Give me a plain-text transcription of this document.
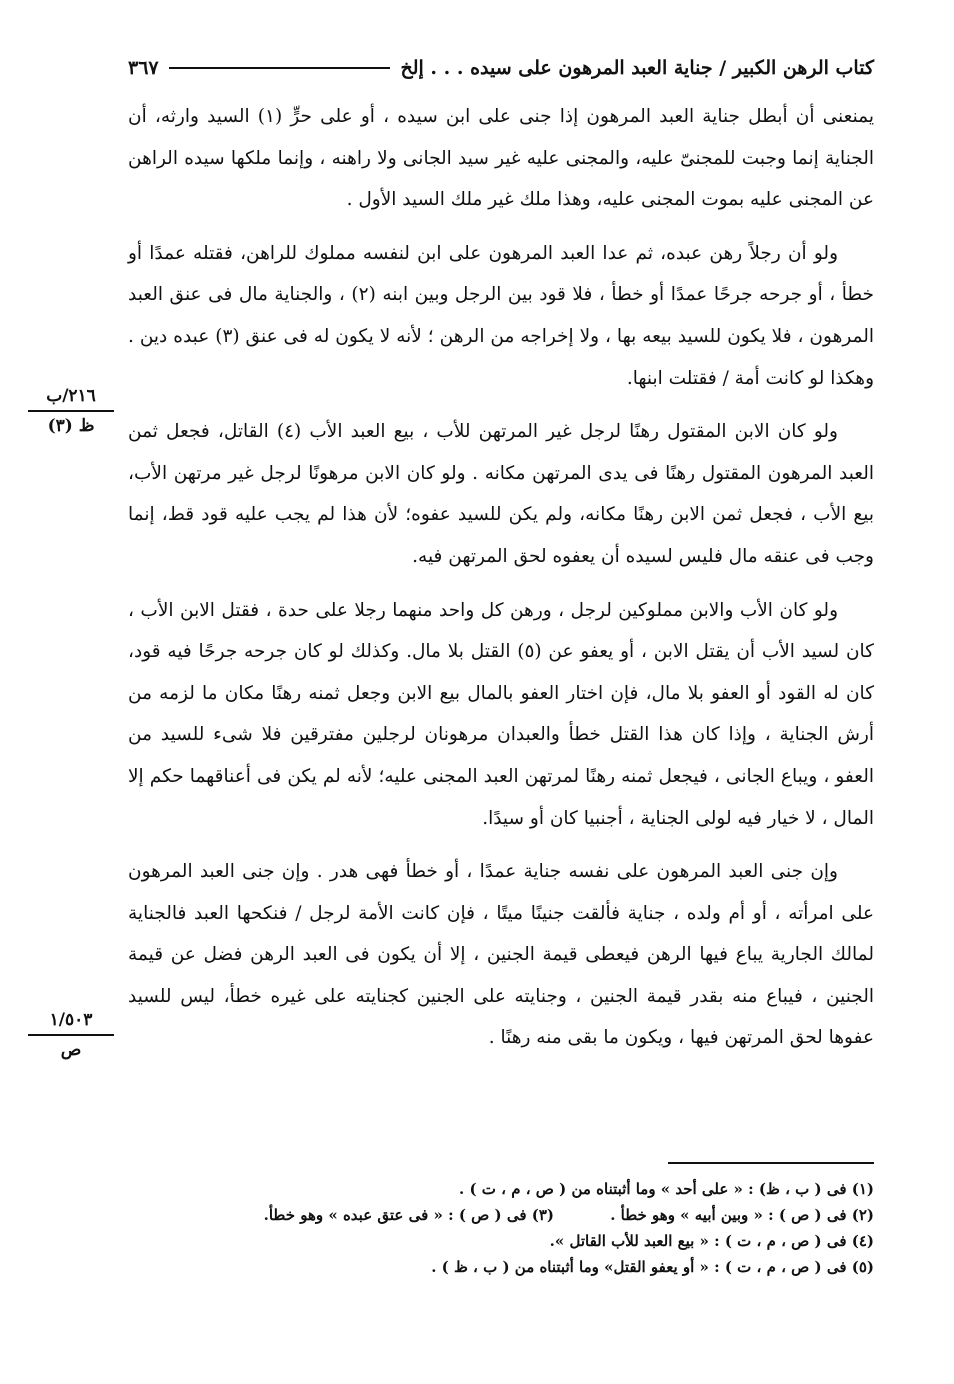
كتاب الرهن الكبير / جناية العبد المرهون على سيده . . . إلخ
٣٦٧

يمنعنى أن أبطل جناية العبد المرهون إذا جنى على ابن سيده ، أو على حرٍّ (١) السيد وارثه، أن الجناية إنما وجبت للمجنىّ عليه، والمجنى عليه غير سيد الجانى ولا راهنه ، وإنما ملكها سيده الراهن عن المجنى عليه بموت المجنى عليه، وهذا ملك غير ملك السيد الأول .

ولو أن رجلاً رهن عبده، ثم عدا العبد المرهون على ابن لنفسه مملوك للراهن، فقتله عمدًا أو خطأ ، أو جرحه جرحًا عمدًا أو خطأ ، فلا قود بين الرجل وبين ابنه (٢) ، والجناية مال فى عنق العبد المرهون ، فلا يكون للسيد بيعه بها ، ولا إخراجه من الرهن ؛ لأنه لا يكون له فى عنق (٣) عبده دين . وهكذا لو كانت أمة / فقتلت ابنها.

ولو كان الابن المقتول رهنًا لرجل غير المرتهن للأب ، بيع العبد الأب (٤) القاتل، فجعل ثمن العبد المرهون المقتول رهنًا فى يدى المرتهن مكانه . ولو كان الابن مرهونًا لرجل غير مرتهن الأب، بيع الأب ، فجعل ثمن الابن رهنًا مكانه، ولم يكن للسيد عفوه؛ لأن هذا لم يجب عليه قود قط، إنما وجب فى عنقه مال فليس لسيده أن يعفوه لحق المرتهن فيه.

ولو كان الأب والابن مملوكين لرجل ، ورهن كل واحد منهما رجلا على حدة ، فقتل الابن الأب ، كان لسيد الأب أن يقتل الابن ، أو يعفو عن (٥) القتل بلا مال. وكذلك لو كان جرحه جرحًا فيه قود، كان له القود أو العفو بلا مال، فإن اختار العفو بالمال بيع الابن وجعل ثمنه رهنًا مكان ما لزمه من أرش الجناية ، وإذا كان هذا القتل خطأ والعبدان مرهونان لرجلين مفترقين فلا شىء للسيد من العفو ، ويباع الجانى ، فيجعل ثمنه رهنًا لمرتهن العبد المجنى عليه؛ لأنه لم يكن فى أعناقهما حكم إلا المال ، لا خيار فيه لولى الجناية ، أجنبيا كان أو سيدًا.

وإن جنى العبد المرهون على نفسه جناية عمدًا ، أو خطأ فهى هدر . وإن جنى العبد المرهون على امرأته ، أو أم ولده ، جناية فألقت جنينًا ميتًا ، فإن كانت الأمة لرجل / فنكحها العبد فالجناية لمالك الجارية يباع فيها الرهن فيعطى قيمة الجنين ، إلا أن يكون فى العبد الرهن فضل عن قيمة الجنين ، فيباع منه بقدر قيمة الجنين ، وجنايته على الجنين كجنايته على غيره خطأ، ليس للسيد عفوها لحق المرتهن فيها ، ويكون ما بقى منه رهنًا .

٢١٦/ب
ظ (٣)
١/٥٠٣
ص
(١) فى ( ب ، ظ) : « على أحد » وما أثبتناه من ( ص ، م ، ت ) .
(٢) فى ( ص ) : « وبين أبيه » وهو خطأ .
(٣) فى ( ص ) : « فى عتق عبده » وهو خطأ.
(٤) فى ( ص ، م ، ت ) : « بيع العبد للأب القاتل ».
(٥) فى ( ص ، م ، ت ) : « أو يعفو القتل» وما أثبتناه من ( ب ، ظ ) .
